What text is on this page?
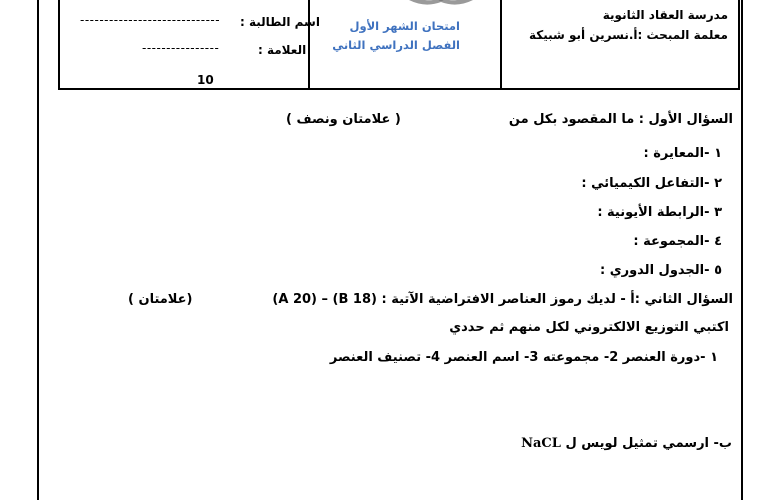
مدرسة العقاد الثانوية
معلمة المبحث :أ.نسرين أبو شبيكة
امتحان الشهر الأول
الفصل الدراسي الثاني
اسم الطالبة :
-----------------------------
العلامة :
----------------
10
السؤال الأول : ما المقصود بكل من
( علامتان ونصف )
١ -المعايرة :
٢ -التفاعل الكيميائي :
٣ -الرابطة الأيونية :
٤ -المجموعة :
٥ -الجدول الدوري :
السؤال الثاني :أ - لديك رموز العناصر الافتراضية الآتية : (A 20) – (B 18)
(علامتان )
اكتبي التوزيع الالكتروني لكل منهم ثم حددي
١ -دورة العنصر 2- مجموعته 3- اسم العنصر 4- تصنيف العنصر
ب- ارسمي تمثيل لويس ل NaCL
